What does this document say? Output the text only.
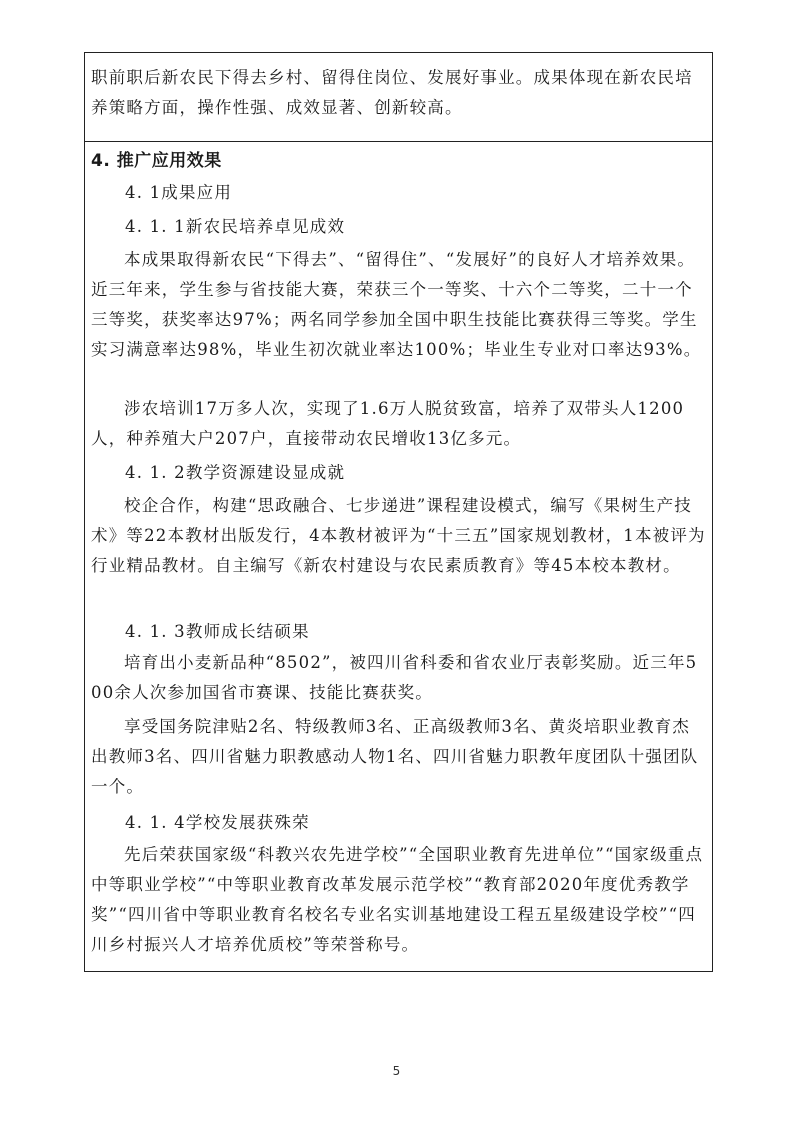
职前职后新农民下得去乡村、留得住岗位、发展好事业。成果体现在新农民培养策略方面，操作性强、成效显著、创新较高。

4. 推广应用效果

4. 1成果应用

4. 1. 1新农民培养卓见成效

本成果取得新农民“下得去”、“留得住”、“发展好”的良好人才培养效果。近三年来，学生参与省技能大赛，荣获三个一等奖、十六个二等奖，二十一个三等奖，获奖率达97%；两名同学参加全国中职生技能比赛获得三等奖。学生实习满意率达98%，毕业生初次就业率达100%；毕业生专业对口率达93%。

涉农培训17万多人次，实现了1.6万人脱贫致富，培养了双带头人1200人，种养殖大户207户，直接带动农民增收13亿多元。

4. 1. 2教学资源建设显成就

校企合作，构建“思政融合、七步递进”课程建设模式，编写《果树生产技术》等22本教材出版发行，4本教材被评为“十三五”国家规划教材，1本被评为行业精品教材。自主编写《新农村建设与农民素质教育》等45本校本教材。

4. 1. 3教师成长结硕果

培育出小麦新品种“8502”，被四川省科委和省农业厅表彰奖励。近三年500余人次参加国省市赛课、技能比赛获奖。

享受国务院津贴2名、特级教师3名、正高级教师3名、黄炎培职业教育杰出教师3名、四川省魅力职教感动人物1名、四川省魅力职教年度团队十强团队一个。

4. 1. 4学校发展获殊荣

先后荣获国家级“科教兴农先进学校”“全国职业教育先进单位”“国家级重点中等职业学校”“中等职业教育改革发展示范学校”“教育部2020年度优秀教学奖”“四川省中等职业教育名校名专业名实训基地建设工程五星级建设学校”“四川乡村振兴人才培养优质校”等荣誉称号。

5
